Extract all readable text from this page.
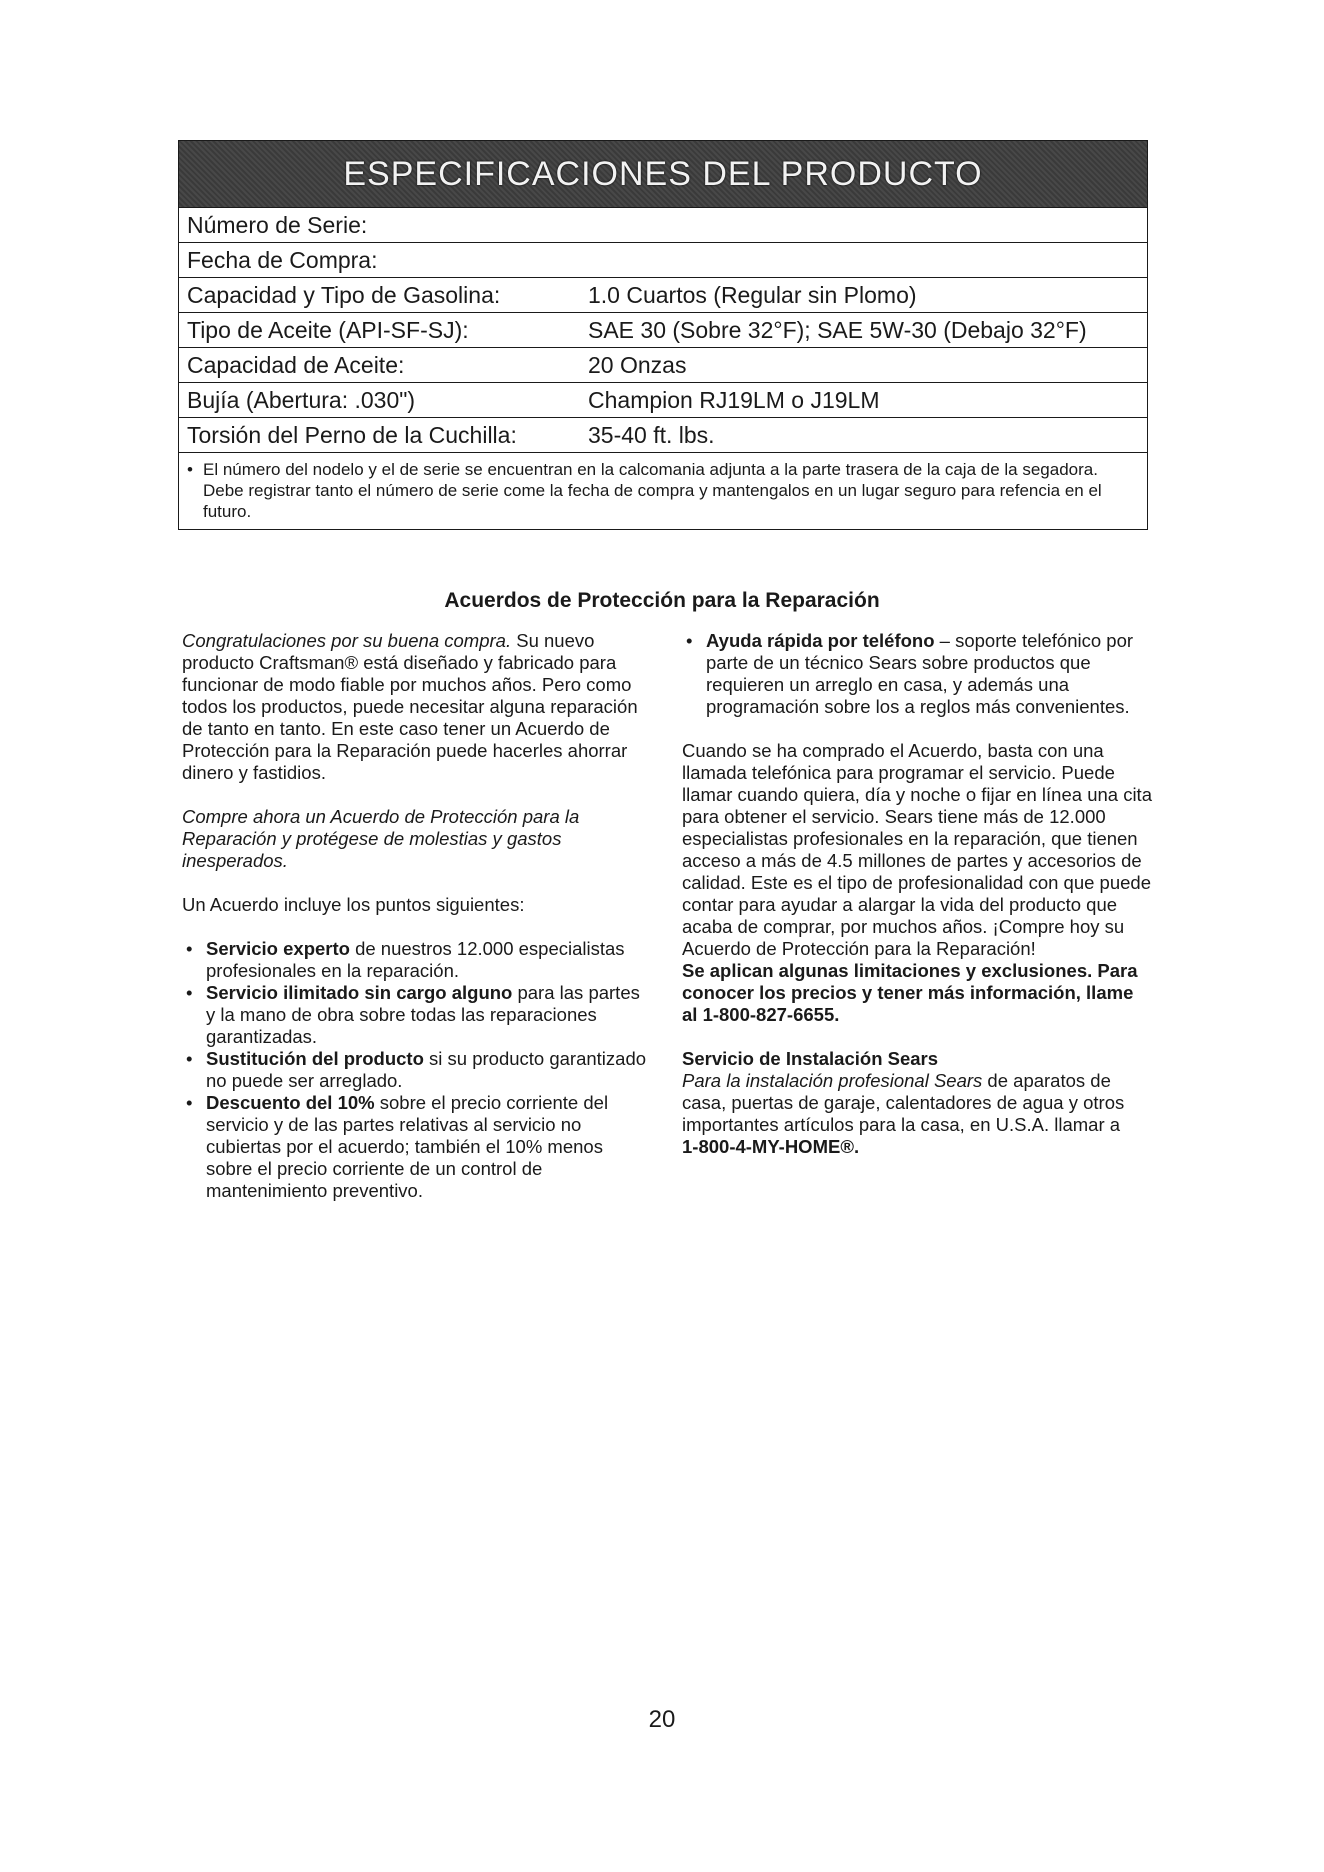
ESPECIFICACIONES DEL PRODUCTO
Número de Serie:
Fecha de Compra:
Capacidad y Tipo de Gasolina:	1.0 Cuartos (Regular sin Plomo)
Tipo de Aceite (API-SF-SJ):	SAE 30 (Sobre 32°F); SAE 5W-30 (Debajo 32°F)
Capacidad de Aceite:	20 Onzas
Bujía (Abertura: .030")	Champion RJ19LM o J19LM
Torsión del Perno de la Cuchilla:	35-40 ft. lbs.
• El número del nodelo y el de serie se encuentran en la calcomania adjunta a la parte trasera de la caja de la segadora. Debe registrar tanto el número de serie come la fecha de compra y mantengalos en un lugar seguro para refencia en el futuro.
Acuerdos de Protección para la Reparación

Congratulaciones por su buena compra. Su nuevo producto Craftsman® está diseñado y fabricado para funcionar de modo fiable por muchos años. Pero como todos los productos, puede necesitar alguna reparación de tanto en tanto. En este caso tener un Acuerdo de Protección para la Reparación puede hacerles ahorrar dinero y fastidios.

Compre ahora un Acuerdo de Protección para la Reparación y protégese de molestias y gastos inesperados.

Un Acuerdo incluye los puntos siguientes:

• Servicio experto de nuestros 12.000 especialistas profesionales en la reparación.
• Servicio ilimitado sin cargo alguno para las partes y la mano de obra sobre todas las reparaciones garantizadas.
• Sustitución del producto si su producto garantizado no puede ser arreglado.
• Descuento del 10% sobre el precio corriente del servicio y de las partes relativas al servicio no cubiertas por el acuerdo; también el 10% menos sobre el precio corriente de un control de mantenimiento preventivo.
• Ayuda rápida por teléfono – soporte telefónico por parte de un técnico Sears sobre productos que requieren un arreglo en casa, y además una programación sobre los a reglos más convenientes.

Cuando se ha comprado el Acuerdo, basta con una llamada telefónica para programar el servicio. Puede llamar cuando quiera, día y noche o fijar en línea una cita para obtener el servicio. Sears tiene más de 12.000 especialistas profesionales en la reparación, que tienen acceso a más de 4.5 millones de partes y accesorios de calidad. Este es el tipo de profesionalidad con que puede contar para ayudar a alargar la vida del producto que acaba de comprar, por muchos años. ¡Compre hoy su Acuerdo de Protección para la Reparación!
Se aplican algunas limitaciones y exclusiones. Para conocer los precios y tener más información, llame al 1-800-827-6655.

Servicio de Instalación Sears
Para la instalación profesional Sears de aparatos de casa, puertas de garaje, calentadores de agua y otros importantes artículos para la casa, en U.S.A. llamar a
1-800-4-MY-HOME®.

20
